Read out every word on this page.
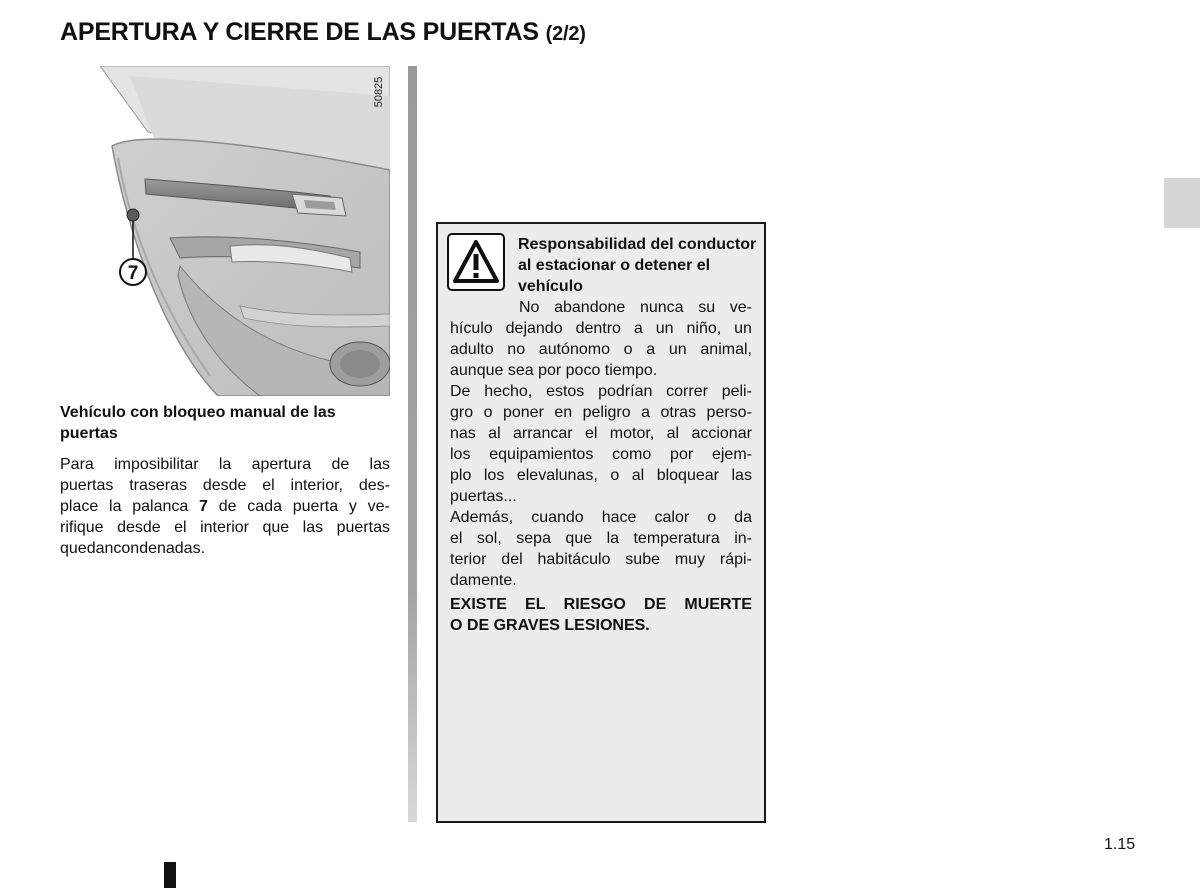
APERTURA Y CIERRE DE LAS PUERTAS (2/2)
7
50825
Vehículo con bloqueo manual de las puertas
Para imposibilitar la apertura de las
puertas traseras desde el interior, des-
place la palanca 7 de cada puerta y ve-
rifique desde el interior que las puertas
quedan condenadas.
Responsabilidad del conductor al estacionar o detener el vehículo
No abandone nunca su ve-
hículo dejando dentro a un niño, un
adulto no autónomo o a un animal,
aunque sea por poco tiempo.
De hecho, estos podrían correr peli-
gro o poner en peligro a otras perso-
nas al arrancar el motor, al accionar
los equipamientos como por ejem-
plo los elevalunas, o al bloquear las
puertas...
Además, cuando hace calor o da
el sol, sepa que la temperatura in-
terior del habitáculo sube muy rápi-
damente.
EXISTE EL RIESGO DE MUERTE
O DE GRAVES LESIONES.
1.15
